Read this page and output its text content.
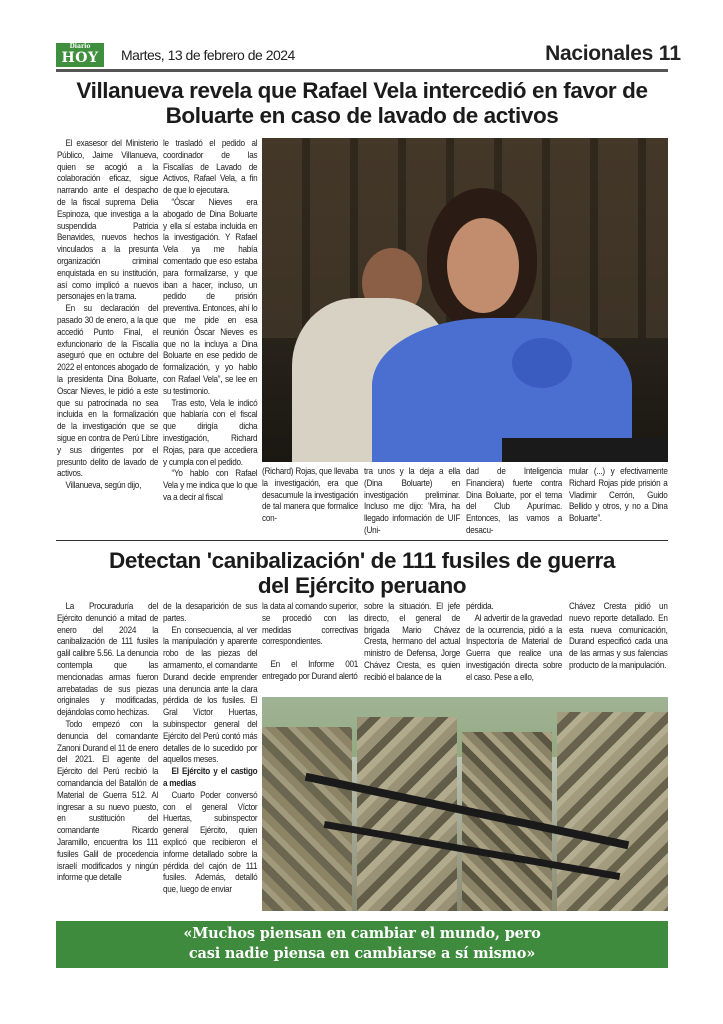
Diario
HOY	Martes, 13 de febrero de 2024	Nacionales 11
Villanueva revela que Rafael Vela intercedió en favor de
Boluarte en caso de lavado de activos

El exasesor del Ministerio Público, Jaime Villanueva, quien se acogió a la colaboración eficaz, sigue narrando ante el despacho de la fiscal suprema Delia Espinoza, que investiga a la suspendida Patricia Benavides, nuevos hechos vinculados a la presunta organización criminal enquistada en su institución, así como implicó a nuevos personajes en la trama.

En su declaración del pasado 30 de enero, a la que accedió Punto Final, el exfuncionario de la Fiscalía aseguró que en octubre del 2022 el entonces abogado de la presidenta Dina Boluarte, Oscar Nieves, le pidió a este que su patrocinada no sea incluida en la formalización de la investigación que se sigue en contra de Perú Libre y sus dirigentes por el presunto delito de lavado de activos.

Villanueva, según dijo,

le trasladó el pedido al coordinador de las Fiscalías de Lavado de Activos, Rafael Vela, a fin de que lo ejecutara.

“Óscar Nieves era abogado de Dina Boluarte y ella sí estaba incluida en la investigación. Y Rafael Vela ya me había comentado que eso estaba para formalizarse, y que iban a hacer, incluso, un pedido de prisión preventiva. Entonces, ahí lo que me pide en esa reunión Óscar Nieves es que no la incluya a Dina Boluarte en ese pedido de formalización, y yo hablo con Rafael Vela”, se lee en su testimonio.

Tras esto, Vela le indicó que hablaría con el fiscal que dirigía dicha investigación, Richard Rojas, para que accediera y cumpla con el pedido.

“Yo hablo con Rafael Vela y me indica que lo que va a decir al fiscal

(Richard) Rojas, que llevaba la investigación, era que desacumule la investigación de tal manera que formalice con-

tra unos y la deja a ella (Dina Boluarte) en investigación preliminar. Incluso me dijo: 'Mira, ha llegado información de UIF (Uni-

dad de Inteligencia Financiera) fuerte contra Dina Boluarte, por el tema del Club Apurímac. Entonces, las vamos a desacu-

mular (...) y efectivamente Richard Rojas pide prisión a Vladimir Cerrón, Guido Bellido y otros, y no a Dina Boluarte”.

Detectan 'canibalización' de 111 fusiles de guerra
del Ejército peruano

La Procuraduría del Ejército denunció a mitad de enero del 2024 la canibalización de 111 fusiles galil calibre 5.56. La denuncia contempla que las mencionadas armas fueron arrebatadas de sus piezas originales y modificadas, dejándolas como hechizas.

Todo empezó con la denuncia del comandante Zanoni Durand el 11 de enero del 2021. El agente del Ejército del Perú recibió la comandancia del Batallón de Material de Guerra 512. Al ingresar a su nuevo puesto, en sustitución del comandante Ricardo Jaramillo, encuentra los 111 fusiles Galil de procedencia israelí modificados y ningún informe que detalle

de la desaparición de sus partes.

En consecuencia, al ver la manipulación y aparente robo de las piezas del armamento, el comandante Durand decide emprender una denuncia ante la clara pérdida de los fusiles. El Gral Víctor Huertas, subinspector general del Ejército del Perú contó más detalles de lo sucedido por aquellos meses.

El Ejército y el castigo a medias

Cuarto Poder conversó con el general Víctor Huertas, subinspector general Ejército, quien explicó que recibieron el informe detallado sobre la pérdida del cajón de 111 fusiles. Además, detalló que, luego de enviar

la data al comando superior, se procedió con las medidas correctivas correspondientes.

En el Informe 001 entregado por Durand alertó

sobre la situación. El jefe directo, el general de brigada Mario Chávez Cresta, hermano del actual ministro de Defensa, Jorge Chávez Cresta, es quien recibió el balance de la

pérdida.

Al advertir de la gravedad de la ocurrencia, pidió a la Inspectoría de Material de Guerra que realice una investigación directa sobre el caso. Pese a ello,

Chávez Cresta pidió un nuevo reporte detallado. En esta nueva comunicación, Durand especificó cada una de las armas y sus falencias producto de la manipulación.

«Muchos piensan en cambiar el mundo, pero
casi nadie piensa en cambiarse a sí mismo»
